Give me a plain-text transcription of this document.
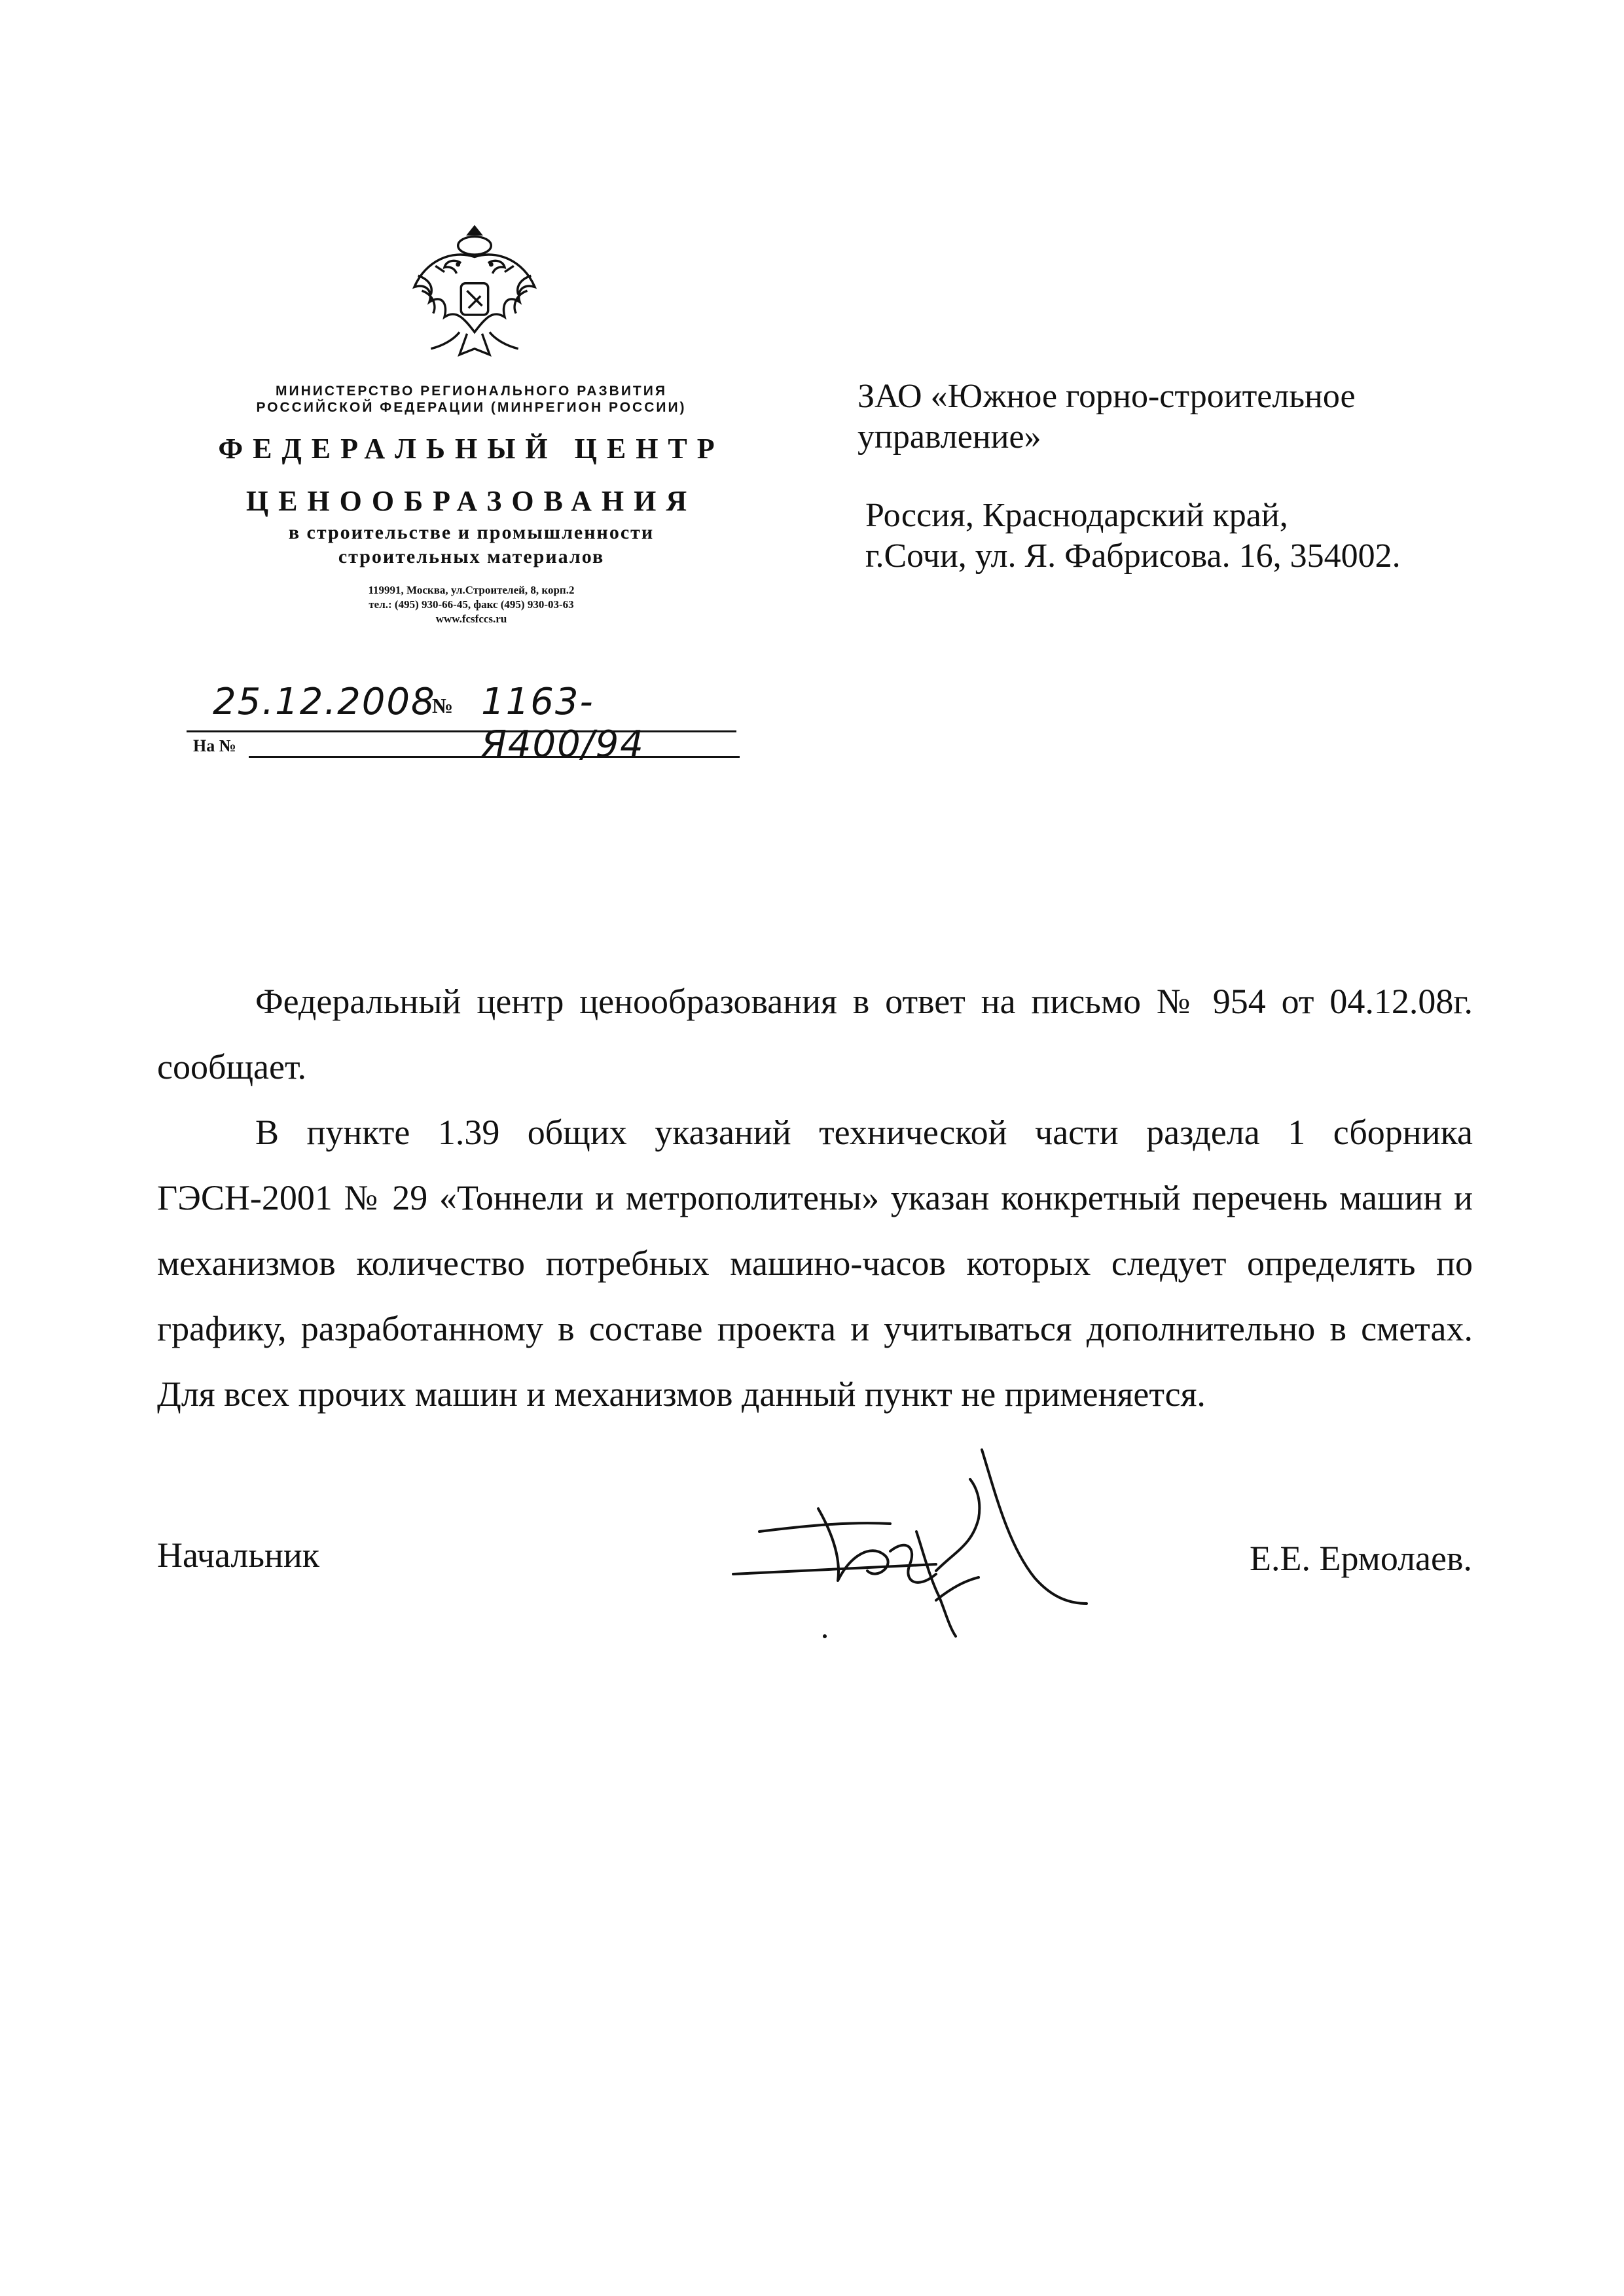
МИНИСТЕРСТВО РЕГИОНАЛЬНОГО РАЗВИТИЯ
РОССИЙСКОЙ ФЕДЕРАЦИИ (МИНРЕГИОН РОССИИ)
ФЕДЕРАЛЬНЫЙ ЦЕНТР
ЦЕНООБРАЗОВАНИЯ
в строительстве и промышленности
строительных материалов
119991, Москва, ул.Строителей, 8, корп.2
тел.: (495) 930-66-45, факс (495) 930-03-63
www.fcsfccs.ru
25.12.2008
№ 1163-Я400/94
На №

ЗАО «Южное горно-строительное

управление»

Россия, Краснодарский край,

г.Сочи, ул. Я. Фабрисова. 16, 354002.

Федеральный центр ценообразования в ответ на письмо № 954 от 04.12.08г. сообщает.

В пункте 1.39 общих указаний технической части раздела 1 сборника ГЭСН-2001 № 29 «Тоннели и метрополитены» указан конкретный перечень машин и механизмов количество потребных машино-часов которых следует определять по графику, разработанному в составе проекта и учитываться дополнительно в сметах. Для всех прочих машин и механизмов данный пункт не применяется.

Начальник	Е.Е. Ермолаев.
